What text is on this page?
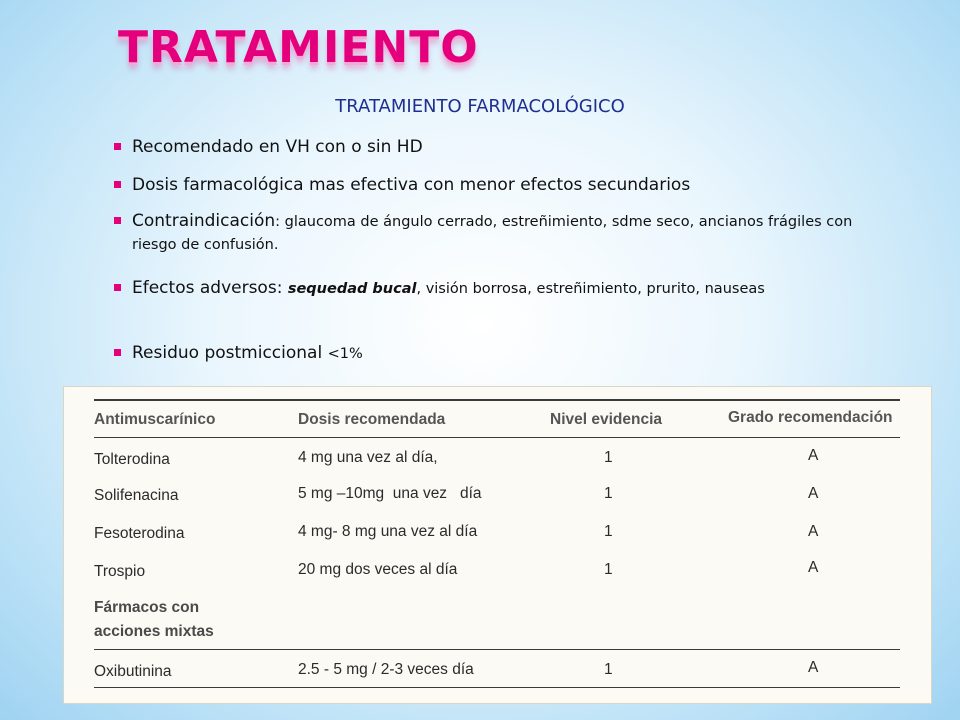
TRATAMIENTO
TRATAMIENTO FARMACOLÓGICO
Recomendado en VH con o sin HD
Dosis farmacológica mas efectiva con menor efectos secundarios
Contraindicación: glaucoma de ángulo cerrado, estreñimiento, sdme seco, ancianos frágiles con riesgo de confusión.
Efectos adversos: sequedad bucal, visión borrosa, estreñimiento, prurito, nauseas
Residuo postmiccional <1%
Antimuscarínico	Dosis recomendada	Nivel evidencia	Grado recomendación
Tolterodina	4 mg una vez al día,	1	A
Solifenacina	5 mg –10mg  una vez   día	1	A
Fesoterodina	4 mg- 8 mg una vez al día	1	A
Trospio	20 mg dos veces al día	1	A
Fármacos con
acciones mixtas
Oxibutinina	2.5 - 5 mg / 2-3 veces día	1	A
